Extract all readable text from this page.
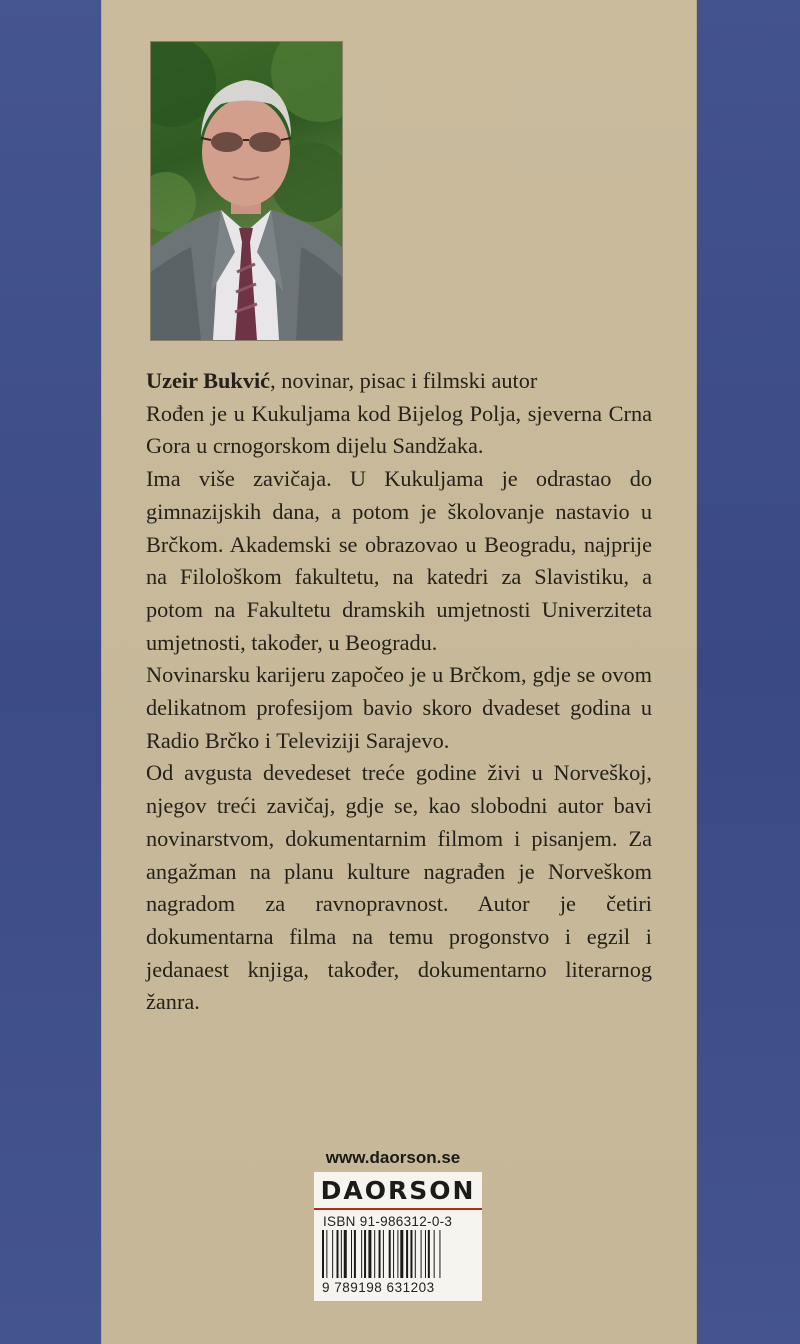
Uzeir Bukvić, novinar, pisac i filmski autor

Rođen je u Kukuljama kod Bijelog Polja, sjeverna Crna Gora u crnogorskom dijelu Sandžaka.

Ima više zavičaja. U Kukuljama je odrastao do gimnazijskih dana, a potom je školovanje nastavio u Brčkom. Akademski se obrazovao u Beogradu, najprije na Filološkom fakultetu, na katedri za Slavistiku, a potom na Fakultetu dramskih umjetnosti Univerziteta umjetnosti, također, u Beogradu.

Novinarsku karijeru započeo je u Brčkom, gdje se ovom delikatnom profesijom bavio skoro dvadeset godina u Radio Brčko i Televiziji Sarajevo.

Od avgusta devedeset treće godine živi u Norveškoj, njegov treći zavičaj, gdje se, kao slobodni autor bavi novinarstvom, dokumentarnim filmom i pisanjem. Za angažman na planu kulture nagrađen je Norveškom nagradom za ravnopravnost. Autor je četiri dokumentarna filma na temu progonstvo i egzil i jedanaest knjiga, također, dokumentarno literarnog žanra.

www.daorson.se
DAORSON
ISBN 91-986312-0-3
9 789198 631203
